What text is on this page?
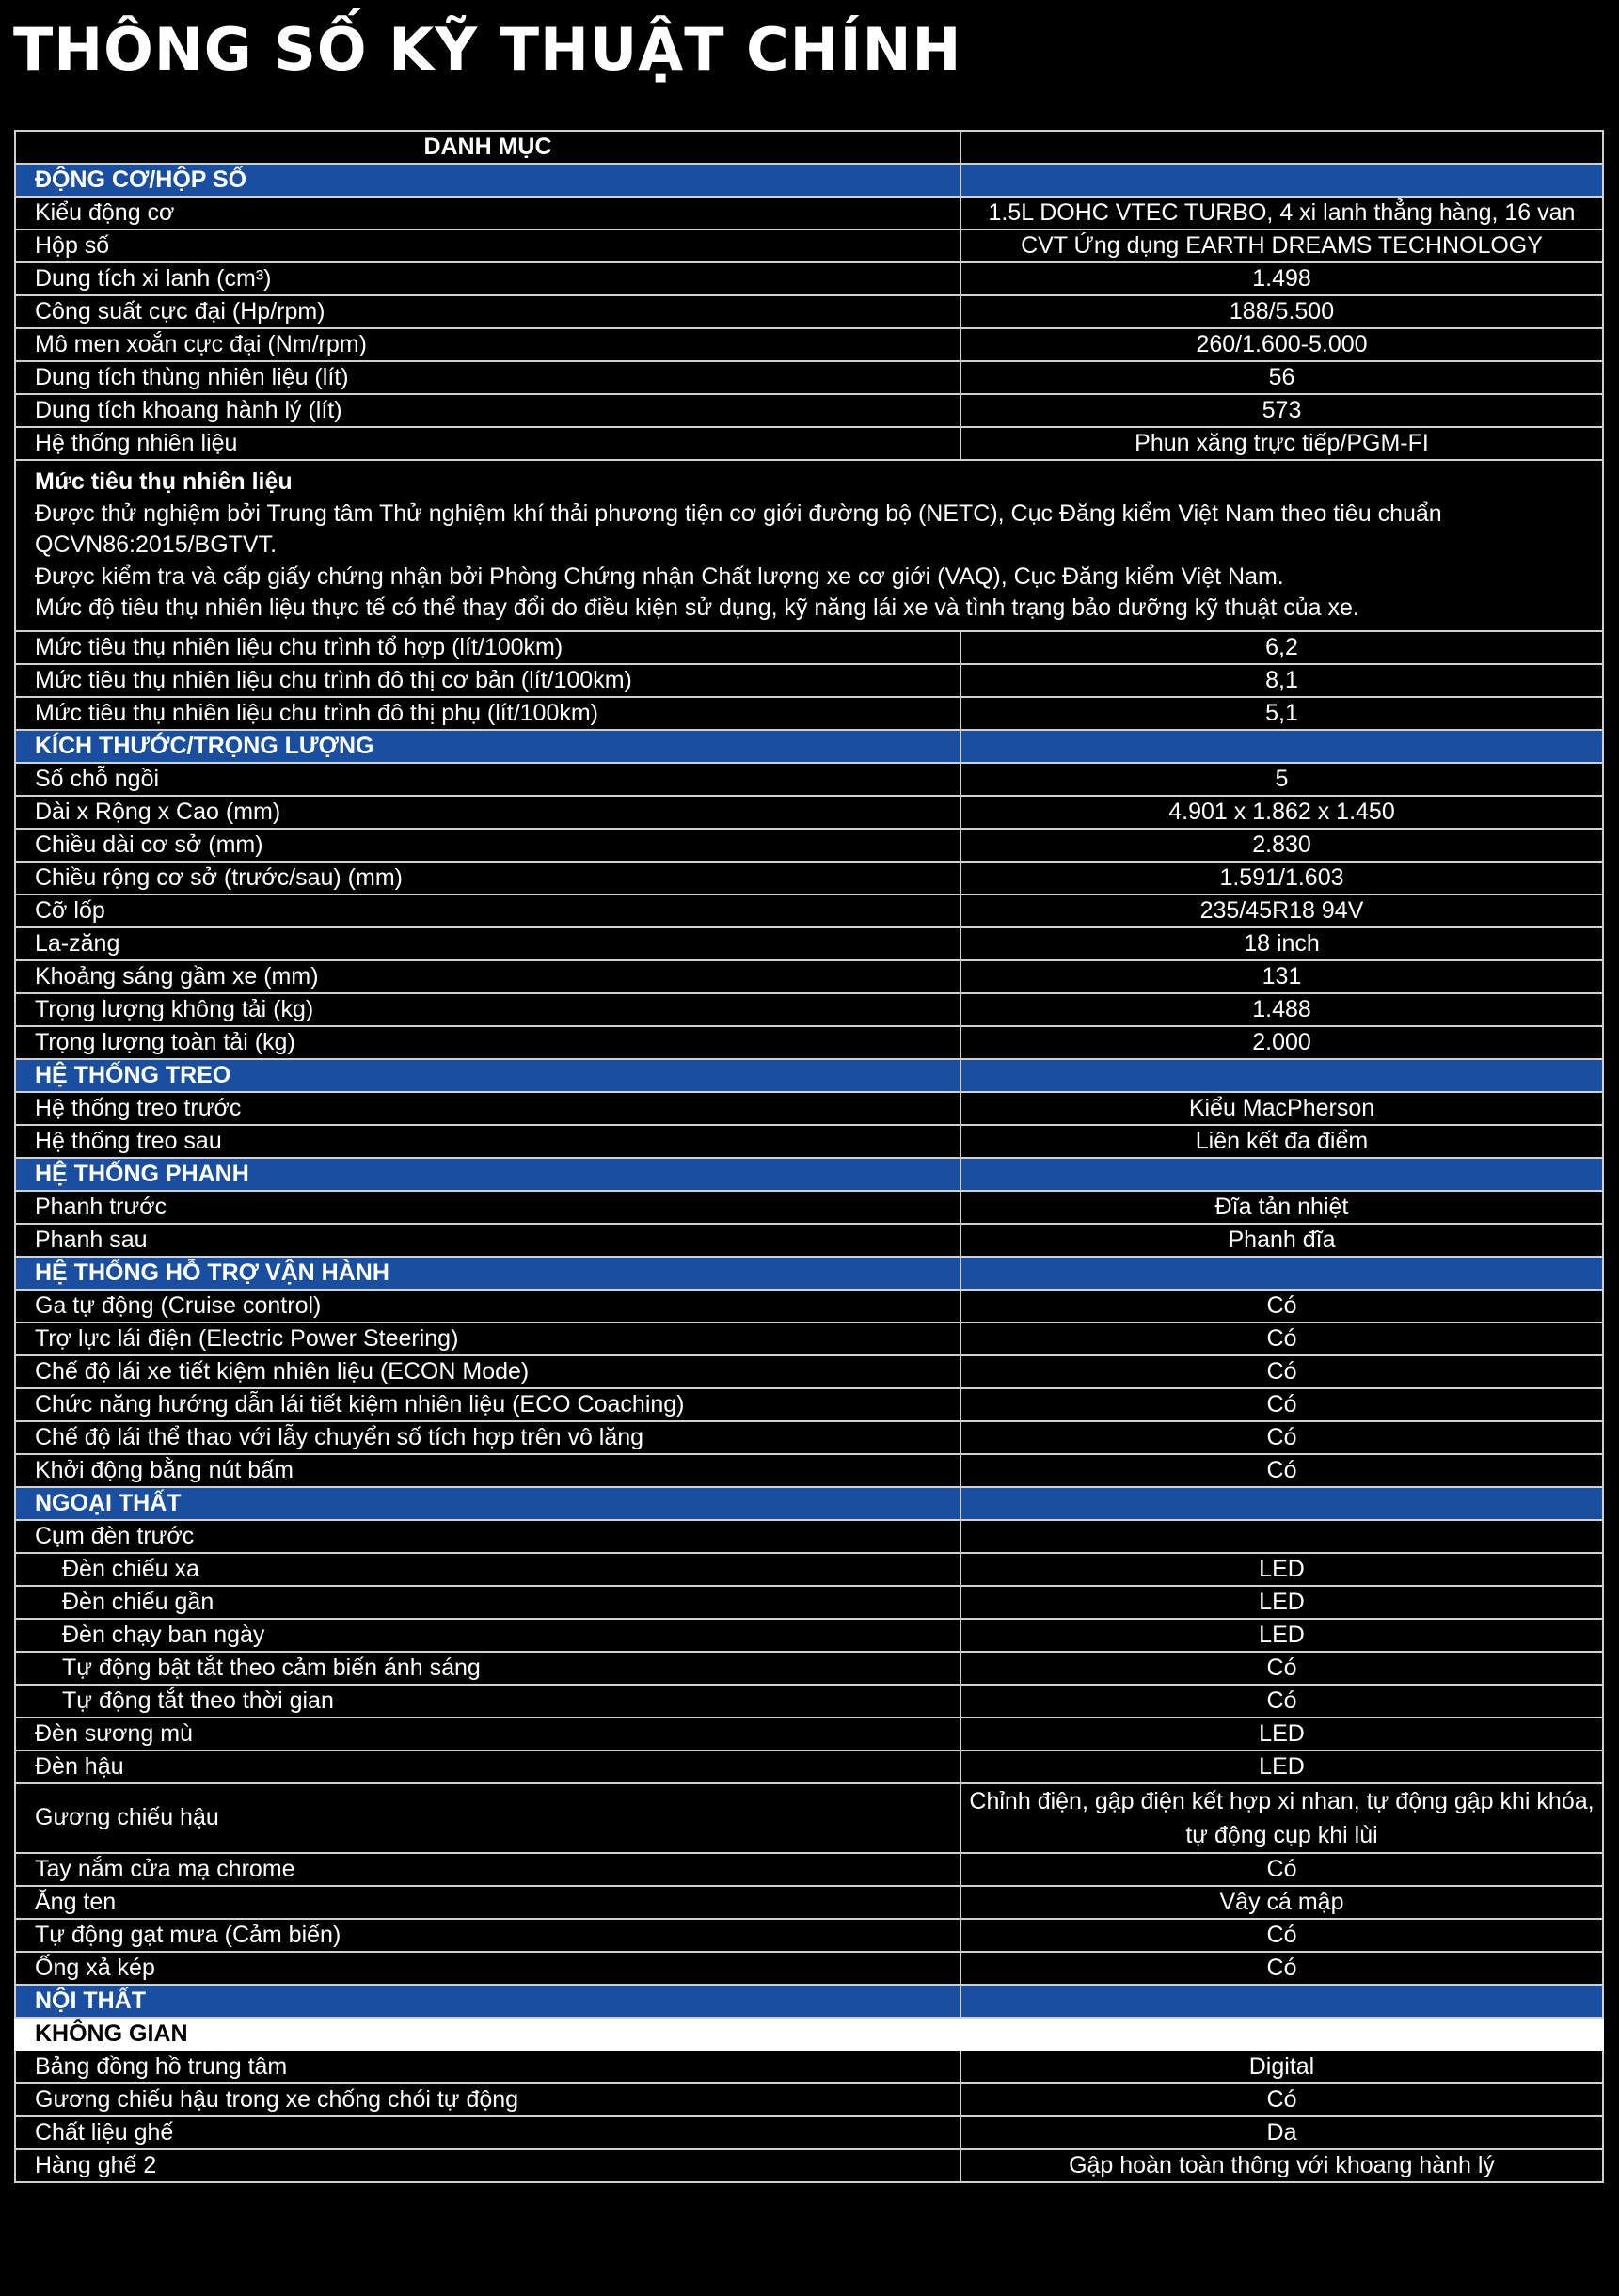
THÔNG SỐ KỸ THUẬT CHÍNH
DANH MỤC	
ĐỘNG CƠ/HỘP SỐ	
Kiểu động cơ	1.5L DOHC VTEC TURBO, 4 xi lanh thẳng hàng, 16 van
Hộp số	CVT Ứng dụng EARTH DREAMS TECHNOLOGY
Dung tích xi lanh (cm³)	1.498
Công suất cực đại (Hp/rpm)	188/5.500
Mô men xoắn cực đại (Nm/rpm)	260/1.600-5.000
Dung tích thùng nhiên liệu (lít)	56
Dung tích khoang hành lý (lít)	573
Hệ thống nhiên liệu	Phun xăng trực tiếp/PGM-FI

Mức tiêu thụ nhiên liệu
Được thử nghiệm bởi Trung tâm Thử nghiệm khí thải phương tiện cơ giới đường bộ (NETC), Cục Đăng kiểm Việt Nam theo tiêu chuẩn QCVN86:2015/BGTVT.
Được kiểm tra và cấp giấy chứng nhận bởi Phòng Chứng nhận Chất lượng xe cơ giới (VAQ), Cục Đăng kiểm Việt Nam.
Mức độ tiêu thụ nhiên liệu thực tế có thể thay đổi do điều kiện sử dụng, kỹ năng lái xe và tình trạng bảo dưỡng kỹ thuật của xe.	

Mức tiêu thụ nhiên liệu chu trình tổ hợp (lít/100km)	6,2
Mức tiêu thụ nhiên liệu chu trình đô thị cơ bản (lít/100km)	8,1
Mức tiêu thụ nhiên liệu chu trình đô thị phụ (lít/100km)	5,1
KÍCH THƯỚC/TRỌNG LƯỢNG	
Số chỗ ngồi	5
Dài x Rộng x Cao (mm)	4.901 x 1.862 x 1.450
Chiều dài cơ sở (mm)	2.830
Chiều rộng cơ sở (trước/sau) (mm)	1.591/1.603
Cỡ lốp	235/45R18 94V
La-zăng	18 inch
Khoảng sáng gầm xe (mm)	131
Trọng lượng không tải (kg)	1.488
Trọng lượng toàn tải (kg)	2.000
HỆ THỐNG TREO	
Hệ thống treo trước	Kiểu MacPherson
Hệ thống treo sau	Liên kết đa điểm
HỆ THỐNG PHANH	
Phanh trước	Đĩa tản nhiệt
Phanh sau	Phanh đĩa
HỆ THỐNG HỖ TRỢ VẬN HÀNH	
Ga tự động (Cruise control)	Có
Trợ lực lái điện (Electric Power Steering)	Có
Chế độ lái xe tiết kiệm nhiên liệu (ECON Mode)	Có
Chức năng hướng dẫn lái tiết kiệm nhiên liệu (ECO Coaching)	Có
Chế độ lái thể thao với lẫy chuyển số tích hợp trên vô lăng	Có
Khởi động bằng nút bấm	Có
NGOẠI THẤT	
Cụm đèn trước	
Đèn chiếu xa	LED
Đèn chiếu gần	LED
Đèn chạy ban ngày	LED
Tự động bật tắt theo cảm biến ánh sáng	Có
Tự động tắt theo thời gian	Có
Đèn sương mù	LED
Đèn hậu	LED
Gương chiếu hậu	Chỉnh điện, gập điện kết hợp xi nhan, tự động gập khi khóa, tự động cụp khi lùi
Tay nắm cửa mạ chrome	Có
Ăng ten	Vây cá mập
Tự động gạt mưa (Cảm biến)	Có
Ống xả kép	Có
NỘI THẤT	
KHÔNG GIAN	
Bảng đồng hồ trung tâm	Digital
Gương chiếu hậu trong xe chống chói tự động	Có
Chất liệu ghế	Da
Hàng ghế 2	Gập hoàn toàn thông với khoang hành lý
